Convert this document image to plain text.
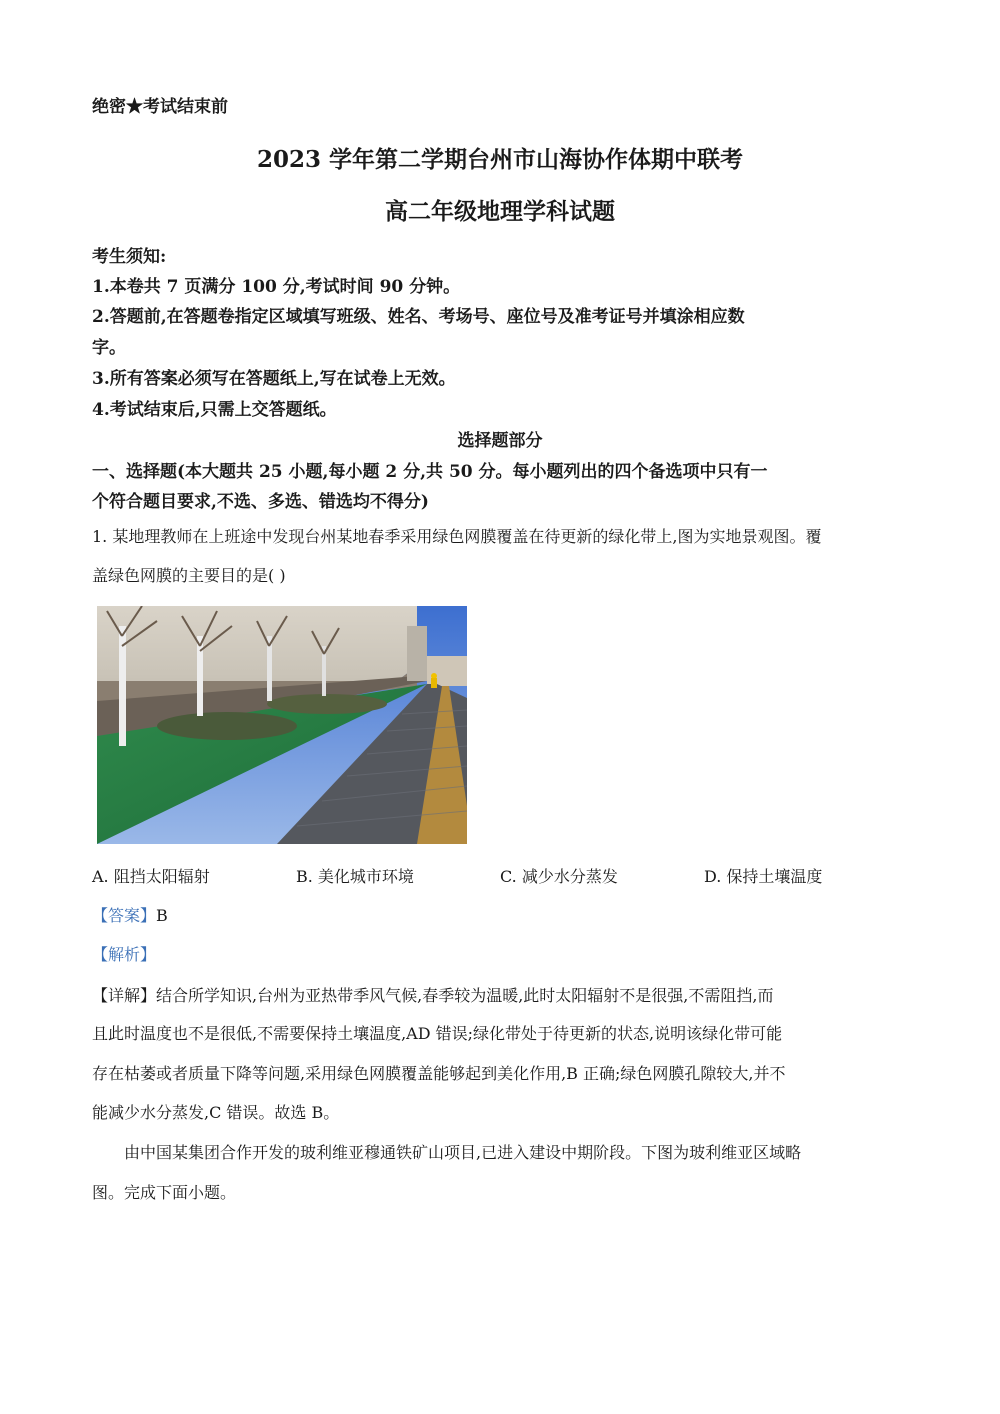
绝密★考试结束前
2023 学年第二学期台州市山海协作体期中联考
高二年级地理学科试题
考生须知:
1.本卷共 7 页满分 100 分,考试时间 90 分钟。
2.答题前,在答题卷指定区域填写班级、姓名、考场号、座位号及准考证号并填涂相应数
字。
3.所有答案必须写在答题纸上,写在试卷上无效。
4.考试结束后,只需上交答题纸。
选择题部分
一、选择题(本大题共 25 小题,每小题 2 分,共 50 分。每小题列出的四个备选项中只有一
个符合题目要求,不选、多选、错选均不得分)
1. 某地理教师在上班途中发现台州某地春季采用绿色网膜覆盖在待更新的绿化带上,图为实地景观图。覆
盖绿色网膜的主要目的是( )
A. 阻挡太阳辐射	B. 美化城市环境	C. 减少水分蒸发	D. 保持土壤温度
【答案】B
【解析】
【详解】结合所学知识,台州为亚热带季风气候,春季较为温暖,此时太阳辐射不是很强,不需阻挡,而
且此时温度也不是很低,不需要保持土壤温度,AD 错误;绿化带处于待更新的状态,说明该绿化带可能
存在枯萎或者质量下降等问题,采用绿色网膜覆盖能够起到美化作用,B 正确;绿色网膜孔隙较大,并不
能减少水分蒸发,C 错误。故选 B。
由中国某集团合作开发的玻利维亚穆通铁矿山项目,已进入建设中期阶段。下图为玻利维亚区域略
图。完成下面小题。
